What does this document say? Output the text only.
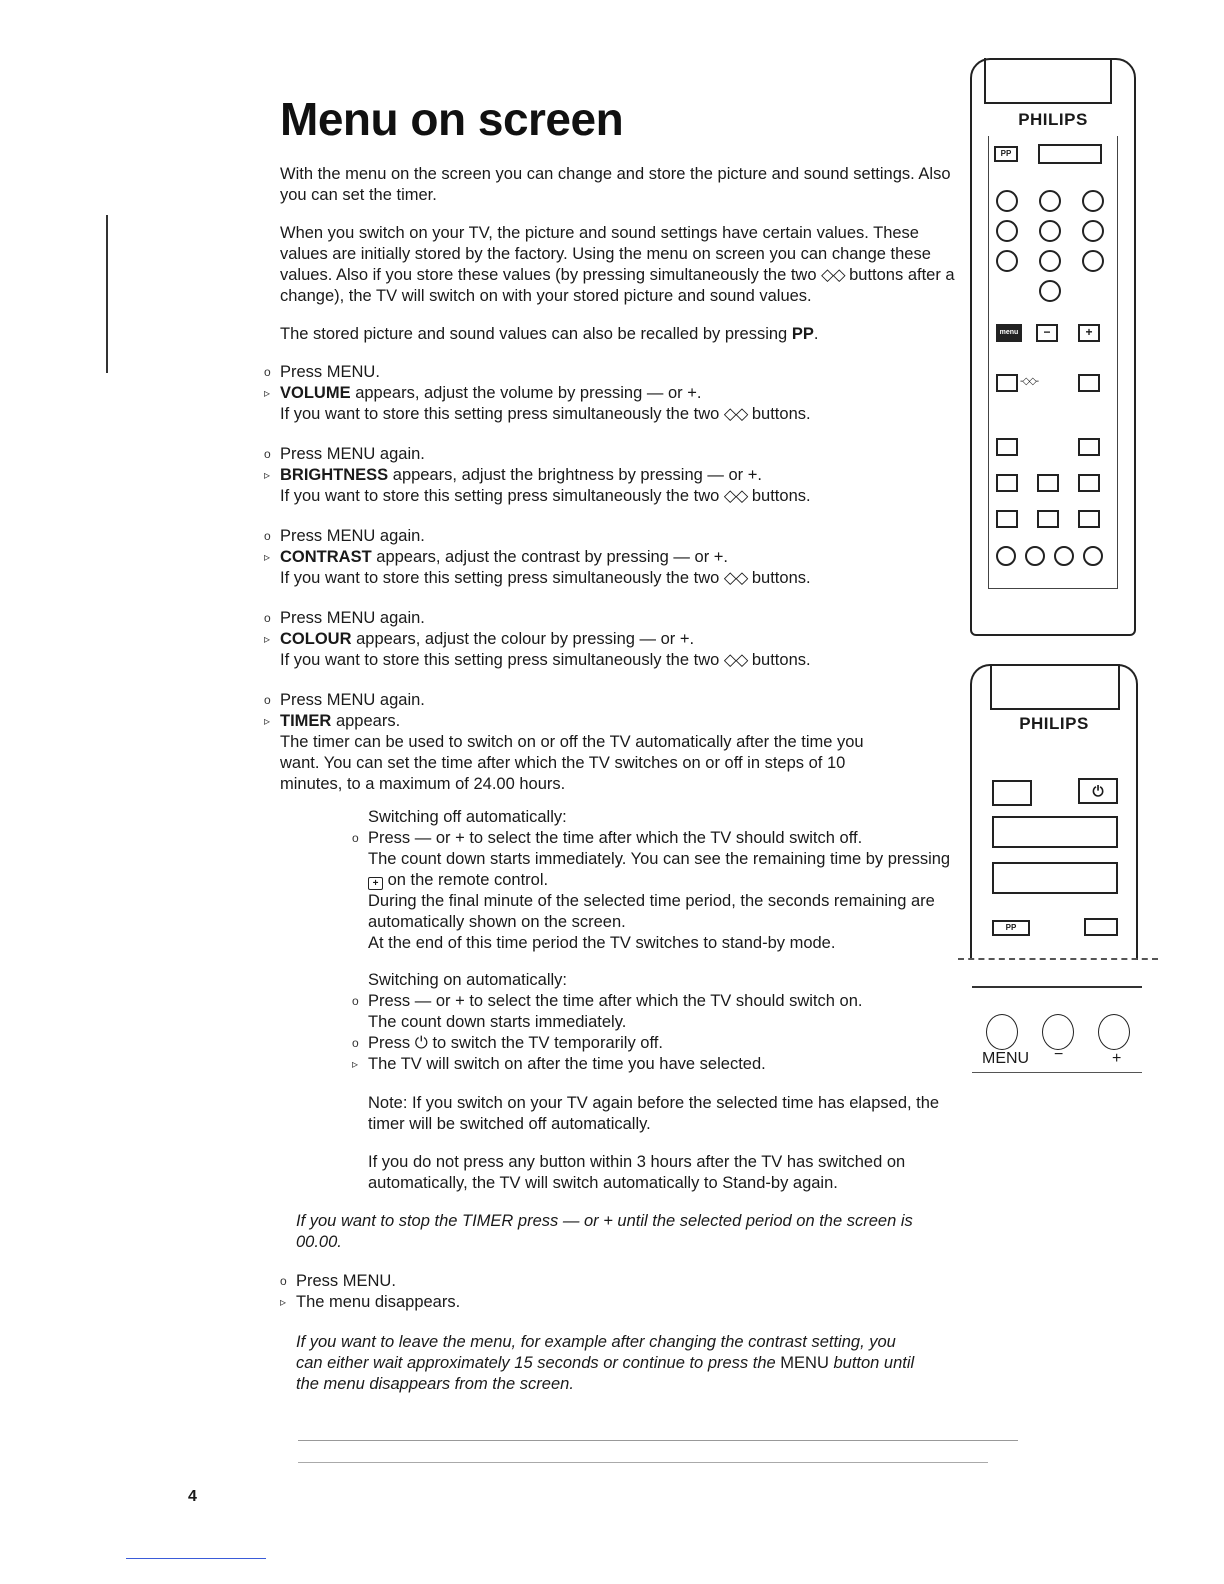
Menu on screen

With the menu on the screen you can change and store the picture and sound settings. Also you can set the timer.

When you switch on your TV, the picture and sound settings have certain values. These values are initially stored by the factory. Using the menu on screen you can change these values. Also if you store these values (by pressing simultaneously the two ◇◇ buttons after a change), the TV will switch on with your stored picture and sound values.

The stored picture and sound values can also be recalled by pressing PP.

o Press MENU.
▹ VOLUME appears, adjust the volume by pressing — or +.
If you want to store this setting press simultaneously the two ◇◇ buttons.
o Press MENU again.
▹ BRIGHTNESS appears, adjust the brightness by pressing — or +.
If you want to store this setting press simultaneously the two ◇◇ buttons.
o Press MENU again.
▹ CONTRAST appears, adjust the contrast by pressing — or +.
If you want to store this setting press simultaneously the two ◇◇ buttons.
o Press MENU again.
▹ COLOUR appears, adjust the colour by pressing — or +.
If you want to store this setting press simultaneously the two ◇◇ buttons.
o Press MENU again.
▹ TIMER appears.
The timer can be used to switch on or off the TV automatically after the time you want. You can set the time after which the TV switches on or off in steps of 10 minutes, to a maximum of 24.00 hours.
Switching off automatically:
o Press — or + to select the time after which the TV should switch off.
The count down starts immediately. You can see the remaining time by pressing + on the remote control.
During the final minute of the selected time period, the seconds remaining are automatically shown on the screen.
At the end of this time period the TV switches to stand-by mode.
Switching on automatically:
o Press — or + to select the time after which the TV should switch on.
The count down starts immediately.
o Press ⏻ to switch the TV temporarily off.
▹ The TV will switch on after the time you have selected.

Note: If you switch on your TV again before the selected time has elapsed, the timer will be switched off automatically.

If you do not press any button within 3 hours after the TV has switched on automatically, the TV will switch automatically to Stand-by again.

If you want to stop the TIMER press — or + until the selected period on the screen is 00.00.

o Press MENU.
▹ The menu disappears.

If you want to leave the menu, for example after changing the contrast setting, you can either wait approximately 15 seconds or continue to press the MENU button until the menu disappears from the screen.

4
PHILIPS
PP
menu	−	+
-◇◇-
PHILIPS
⏻
PP
MENU −	+
